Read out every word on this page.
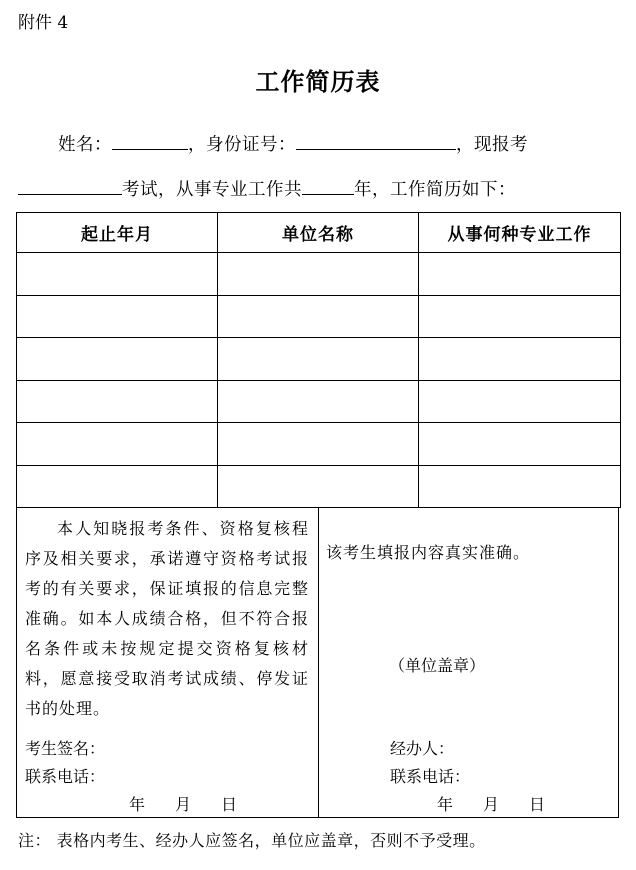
附件 4
工作简历表
姓名：	，身份证号：	，现报考
考试，从事专业工作共	年，工作简历如下：
起止年月	单位名称	从事何种专业工作

本人知晓报考条件、资格复核程序及相关要求，承诺遵守资格考试报考的有关要求，保证填报的信息完整准确。如本人成绩合格，但不符合报名条件或未按规定提交资格复核材料，愿意接受取消考试成绩、停发证书的处理。
考生签名：
联系电话：
年 月 日
该考生填报内容真实准确。
（单位盖章）
经办人：
联系电话：
年 月 日
注： 表格内考生、经办人应签名，单位应盖章，否则不予受理。
